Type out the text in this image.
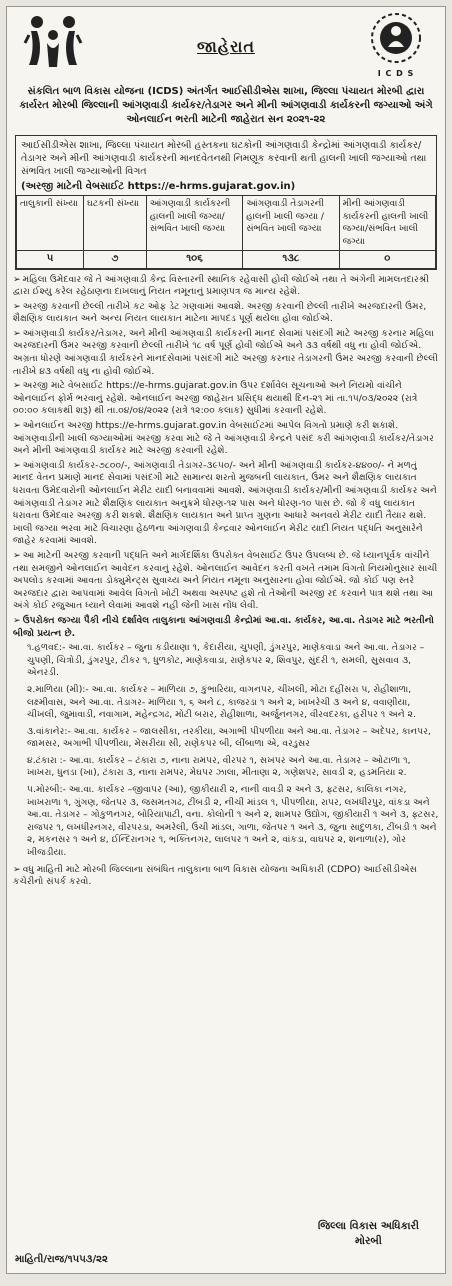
જાહેરાત
I C D S
સંકલિત બાળ વિકાસ યોજના (ICDS) અંતર્ગત આઈસીડીએસ શાખા, જિલ્લા પંચાયત મોરબી દ્વારા કાર્યરત મોરબી જિલ્લાની આંગણવાડી કાર્યકર/તેડાગર અને મીની આંગણવાડી કાર્યકરની જગ્યાઓ અંગે ઓનલાઈન ભરતી માટેની જાહેરાત સન ૨૦૨૧-૨૨
આઈસીડીએસ શાખા, જિલ્લા પંચાયત મોરબી હસ્તકના ઘટકોની આંગણવાડી કેન્દ્રોમાં આંગણવાડી કાર્યકર/તેડાગર અને મીની આંગણવાડી કાર્યકરની માનદવેતનથી નિમણૂક કરવાની થતી હાલની ખાલી જગ્યાઓ તથા સંભવિત ખાલી જગ્યાઓની વિગત
(અરજી માટેની વેબસાઈટ https://e-hrms.gujarat.gov.in)
તાલુકાની સંખ્યા	ઘટકની સંખ્યા	આંગણવાડી કાર્યકરની હાલની ખાલી જગ્યા/ સંભવિત ખાલી જગ્યા	આંગણવાડી તેડાગરની હાલની ખાલી જગ્યા / સંભવિત ખાલી જગ્યા	મીની આંગણવાડી કાર્યકરની હાલની ખાલી જગ્યા/સંભવિત ખાલી જગ્યા
૫	૭	૧૦૬	૧૩૮	૦
➢ મહિલા ઉમેદવાર જે તે આંગણવાડી કેન્દ્ર વિસ્તારની સ્થાનિક રહેવાસી હોવી જોઈએ તથા તે અંગેની મામલતદારશ્રી દ્વારા ઈશ્યુ કરેલ રહેઠાણના દાખલાનું નિયત નમૂનાનું પ્રમાણપત્ર જ માન્ય રહેશે.
➢ અરજી કરવાની છેલ્લી તારીખે કટ ઓફ ડેટ ગણવામાં આવશે. અરજી કરવાની છેલ્લી તારીખે અરજદારની ઉંમર, શૈક્ષણિક લાયકાત અને અન્ય નિયત લાયકાત માટેના માપદંડ પૂર્ણ થયેલા હોવા જોઈએ.
➢ આંગણવાડી કાર્યકર/તેડાગર, અને મીની આંગણવાડી કાર્યકરની માનદ સેવામાં પસંદગી માટે અરજી કરનાર મહિલા અરજદારની ઉંમર અરજી કરવાની છેલ્લી તારીખે ૧૮ વર્ષ પૂર્ણ હોવી જોઈએ અને ૩૩ વર્ષથી વધુ ના હોવી જોઈએ. અગ્રતા ધોરણે આંગણવાડી કાર્યકરને માનદસેવામાં પસંદગી માટે અરજી કરનાર તેડાગરની ઉંમર અરજી કરવાની છેલ્લી તારીખે ૪૩ વર્ષથી વધુ ના હોવી જોઈએ.
➢ અરજી માટે વેબસાઈટ https://e-hrms.gujarat.gov.in ઉપર દર્શાવેલ સૂચનાઓ અને નિયમો વાંચીને ઓનલાઈન ફોર્મ ભરવાનું રહેશે. ઓનલાઈન અરજી જાહેરાત પ્રસિદ્ધ થયાથી દિન-૨૧ માં તા.૧૫/૦૩/૨૦૨૨ (રાત્રે ૦૦:૦૦ કલાકથી શરૂ) થી તા.૦૪/૦૪/૨૦૨૨ (રાત્રે ૧૨:૦૦ કલાક) સુધીમાં કરવાની રહેશે.
➢ ઓનલાઈન અરજી https://e-hrms.gujarat.gov.in વેબસાઈટમાં આપેલ વિગતો પ્રમાણે કરી શકાશે. આંગણવાડીની ખાલી જગ્યાઓમાં અરજી કરવા માટે જે તે આંગણવાડી કેન્દ્રને પસંદ કરી આંગણવાડી કાર્યકર/તેડાગર અને મીની આંગણવાડી કાર્યકર માટે અરજી કરવાની રહેશે.
➢ આંગણવાડી કાર્યકર-૭૮૦૦/-, આંગણવાડી તેડાગર-૩૯૫૦/- અને મીની આંગણવાડી કાર્યકર-૪૪૦૦/- ને મળતું માનદ વેતન પ્રમાણે માનદ સેવામાં પસંદગી માટે સામાન્ય શરતો મુજબની લાયકાત, ઉંમર અને શૈક્ષણિક લાયકાત ધરાવતા ઉમેદવારોની ઓનલાઈન મેરીટ યાદી બનાવવામાં આવશે. આંગણવાડી કાર્યકર/મીની આંગણવાડી કાર્યકર અને આંગણવાડી તેડાગર માટે શૈક્ષણિક લાયકાત અનુક્રમે ધોરણ-૧૨ પાસ અને ધોરણ-૧૦ પાસ છે. જો કે વધુ લાયકાત ધરાવતા ઉમેદવાર અરજી કરી શકશે. શૈક્ષણિક લાયકાત અને પ્રાપ્ત ગુણના આધારે અનવયે મેરીટ યાદી તૈયાર થશે. ખાલી જગ્યા ભરવા માટે વિચારણા હેઠળના આંગણવાડી કેન્દ્રવાર ઓનલાઈન મેરીટ યાદી નિયત પદ્ધતિ અનુસારેને જાહેર કરવામાં આવશે.
➢ આ માટેની અરજી કરવાની પદ્ધતિ અને માર્ગદર્શિકા ઉપરોક્ત વેબસાઈટ ઉપર ઉપલબ્ધ છે. જે ધ્યાનપૂર્વક વાંચીને તથા સમજીને ઓનલાઈન આવેદન કરવાનું રહેશે. ઓનલાઈન આવેદન કરતી વખતે તમામ વિગતો નિયમોનુસાર સાચી અપલોડ કરવામાં આવતા ડોક્યુમેન્ટ્સ સુવાચ્ય અને નિયત નમૂના અનુસારના હોવા જોઈએ. જો કોઈ પણ સ્તરે અરજદાર દ્વારા આપવામાં આવેલ વિગતો ખોટી અથવા અસ્પષ્ટ હશે તો તેઓની અરજી રદ કરવાને પાત્ર થશે તથા આ અંગે કોઈ રજુઆત ધ્યાને લેવામાં આવશે નહી જેની ખાસ નોંધ લેવી.
➢ ઉપરોક્ત જગ્યા પૈકી નીચે દર્શાવેલ તાલુકાના આંગણવાડી કેન્દ્રોમાં આ.વા. કાર્યકર, આ.વા. તેડાગર માટે ભરતીનો બીજો પ્રયત્ન છે.
૧.હળવદ:- આ.વા. કાર્યકર – જુના કડીયાણા ૧, કેદારીયા, ચુપણી, ડુંગરપુર, માણેકવાડા અને આ.વા. તેડાગર – ચુપણી, ચિત્રોડી, ડુંગરપુર, ટીકર ૧, ધુળકોટ, માણેકવાડા, રાણેકપર ૨, શિવપુર, સુંદરી ૧, સમલી, સુસવાવ ૩, એનરડી.
૨.માળિયા (મી):- આ.વા. કાર્યકર – માળિયા ૭, કુંભારિયા, વાગનપર, ચીખલી, મોટા દહીંસરા ૫, રોહીશાળા, લક્ષ્મીવાસ, અને આ.વા. તેડાગર- માળિયા ૧, ૬ અને ૮, કાજરડા ૧ અને ૨, ખાખરેચી ૩ અને ૪, વવાણીયા, ચીખલી, જુમાવાડી, નવાગામ, મહેન્દ્રગઢ, મોટી બરાર, રોહીશાળા, અર્જુનનગર, વીરવદરકા, હરીપર ૧ અને ૨.
૩.વાંકાનેર:- આ.વા. કાર્યકર – જાલસીકા, તરકીયા, અગાભી પીપળીયા અને આ.વા. તેડાગર – અદેપર, કાનપર, જામસર, અગાભી પીપળીયા, મેસરીયા સી, રાણેકપર બી, લીંબાળા એ, વરડુસર
૪.ટંકારા :- આ.વા. કાર્યકર – ટંકારા ૭, નાના રામપર, વીરપર ૧, સખપર અને આ.વા. તેડાગર – ઓટાળા ૧, ખાખરા, ધુનડા (ખા), ટંકારા ૩, નાના રામપર, મેઘપર ઝાલા, મીતાણા ૨, ગણેશપર, સાવડી ૨, હડમતિયા ૨.
૫.મોરબી:- આ.વા. કાર્યકર –જીવાપર (આ), જીકીયારી ૨, નાની વાવડી ૨ અને ૩, ફ્ટસર, કાલિકા નગર, ખાખરાળા ૧, ગુંગણ, જેતપર ૩, જસમતગઢ, ટીંબડી ૨, નીચી માંડલ ૧, પીપળીયા, રાપર, લખધીરપુર, વાંકડા અને આ.વા. તેડાગર – ગોકુળનગર, બોરિયાપાટી, વના. કોલોની ૧ અને ૨, શામપર ઉદ્યોગ, જીકીયારી ૧ અને ૩, ફ્ટસર, રાજપર ૧, લખધીરનગર, વીરપરડા, અમરેલી, ઉંચી માંડલ, ગાળા, જેતપર ૧ અને ૩, જુના સાદુળકા, ટીંબડી ૧ અને ૨, મકનસર ૧ અને ૪, ઈન્દિરાનગર ૧, ભક્તિનગર, લાલપર ૧ અને ૨, વાંકડા, વાઘપર ૨, શનાળા(ર), ગોર ખીજડીયા.
➢ વધુ માહિતી માટે મોરબી જિલ્લાના સંબંધિત તાલુકાના બાળ વિકાસ યોજના અધિકારી (CDPO) આઈસીડીએસ કચેરીનો સંપર્ક કરવો.
જિલ્લા વિકાસ અધિકારી
મોરબી
માહિતી/રાજ/૧૫૫૩/૨૨
